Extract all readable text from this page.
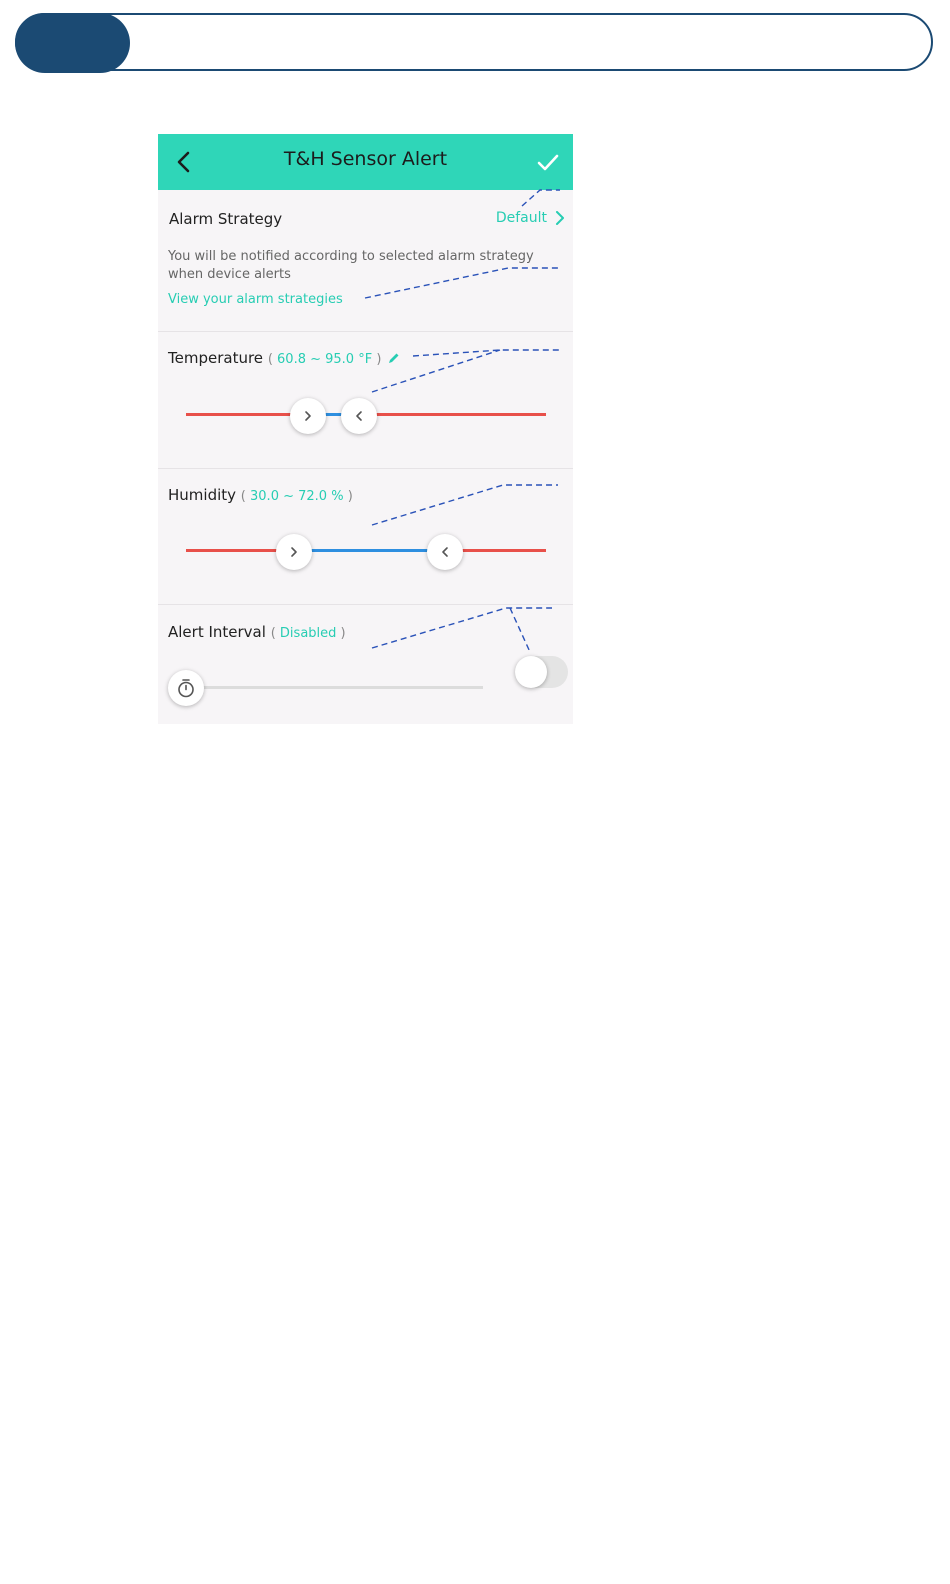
T&H Sensor Alert
Alarm Strategy	Default
You will be notified according to selected alarm strategy
when device alerts
View your alarm strategies
Temperature ( 60.8 ~ 95.0 °F )
Humidity ( 30.0 ~ 72.0 % )
Alert Interval ( Disabled )
